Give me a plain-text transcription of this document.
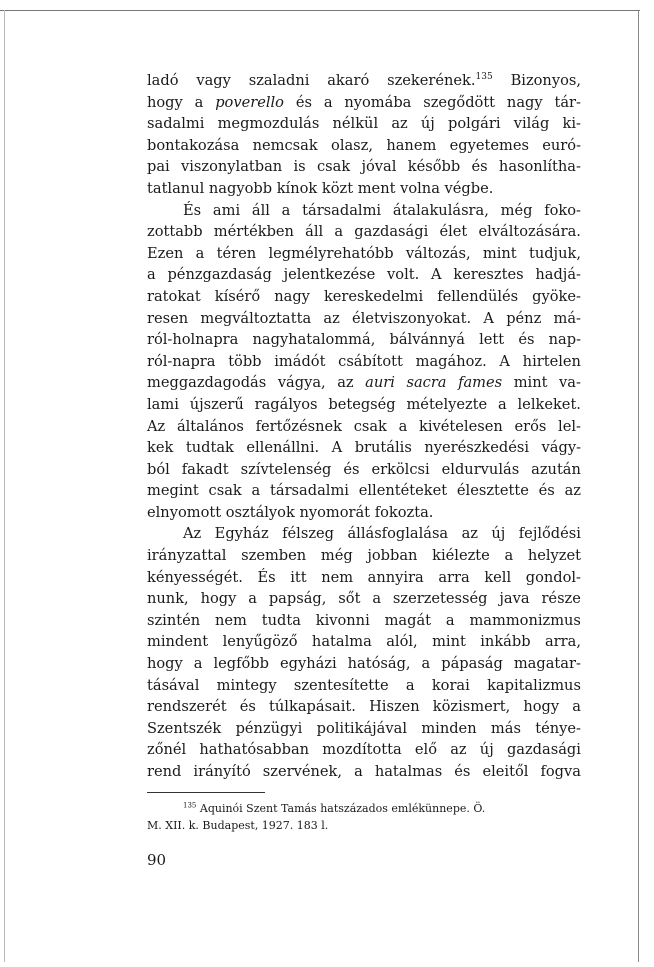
ladó vagy szaladni akaró szekerének.$^{135}$ Bizonyos,
hogy a poverello és a nyomába szegődött nagy tár-
sadalmi megmozdulás nélkül az új polgári világ ki-
bontakozása nemcsak olasz, hanem egyetemes euró-
pai viszonylatban is csak jóval később és hasonlítha-
tatlanul nagyobb kínok közt ment volna végbe.
És ami áll a társadalmi átalakulásra, még foko-
zottabb mértékben áll a gazdasági élet elváltozására.
Ezen a téren legmélyrehatóbb változás, mint tudjuk,
a pénzgazdaság jelentkezése volt. A keresztes hadjá-
ratokat kísérő nagy kereskedelmi fellendülés gyöke-
resen megváltoztatta az életviszonyokat. A pénz má-
ról-holnapra nagyhatalommá, bálvánnyá lett és nap-
ról-napra több imádót csábított magához. A hirtelen
meggazdagodás vágya, az auri sacra fames mint va-
lami újszerű ragályos betegség mételyezte a lelkeket.
Az általános fertőzésnek csak a kivételesen erős lel-
kek tudtak ellenállni. A brutális nyerészkedési vágy-
ból fakadt szívtelenség és erkölcsi eldurvulás azután
megint csak a társadalmi ellentéteket élesztette és az
elnyomott osztályok nyomorát fokozta.
Az Egyház félszeg állásfoglalása az új fejlődési
irányzattal szemben még jobban kiélezte a helyzet
kényességét. És itt nem annyira arra kell gondol-
nunk, hogy a papság, sőt a szerzetesség java része
szintén nem tudta kivonni magát a mammonizmus
mindent lenyűgöző hatalma alól, mint inkább arra,
hogy a legfőbb egyházi hatóság, a pápaság magatar-
tásával mintegy szentesítette a korai kapitalizmus
rendszerét és túlkapásait. Hiszen közismert, hogy a
Szentszék pénzügyi politikájával minden más ténye-
zőnél hathatósabban mozdította elő az új gazdasági
rend irányító szervének, a hatalmas és eleitől fogva
$^{135}$ Aquinói Szent Tamás hatszázados emlékünnepe. Ö.
M. XII. k. Budapest, 1927. 183 l.
90
